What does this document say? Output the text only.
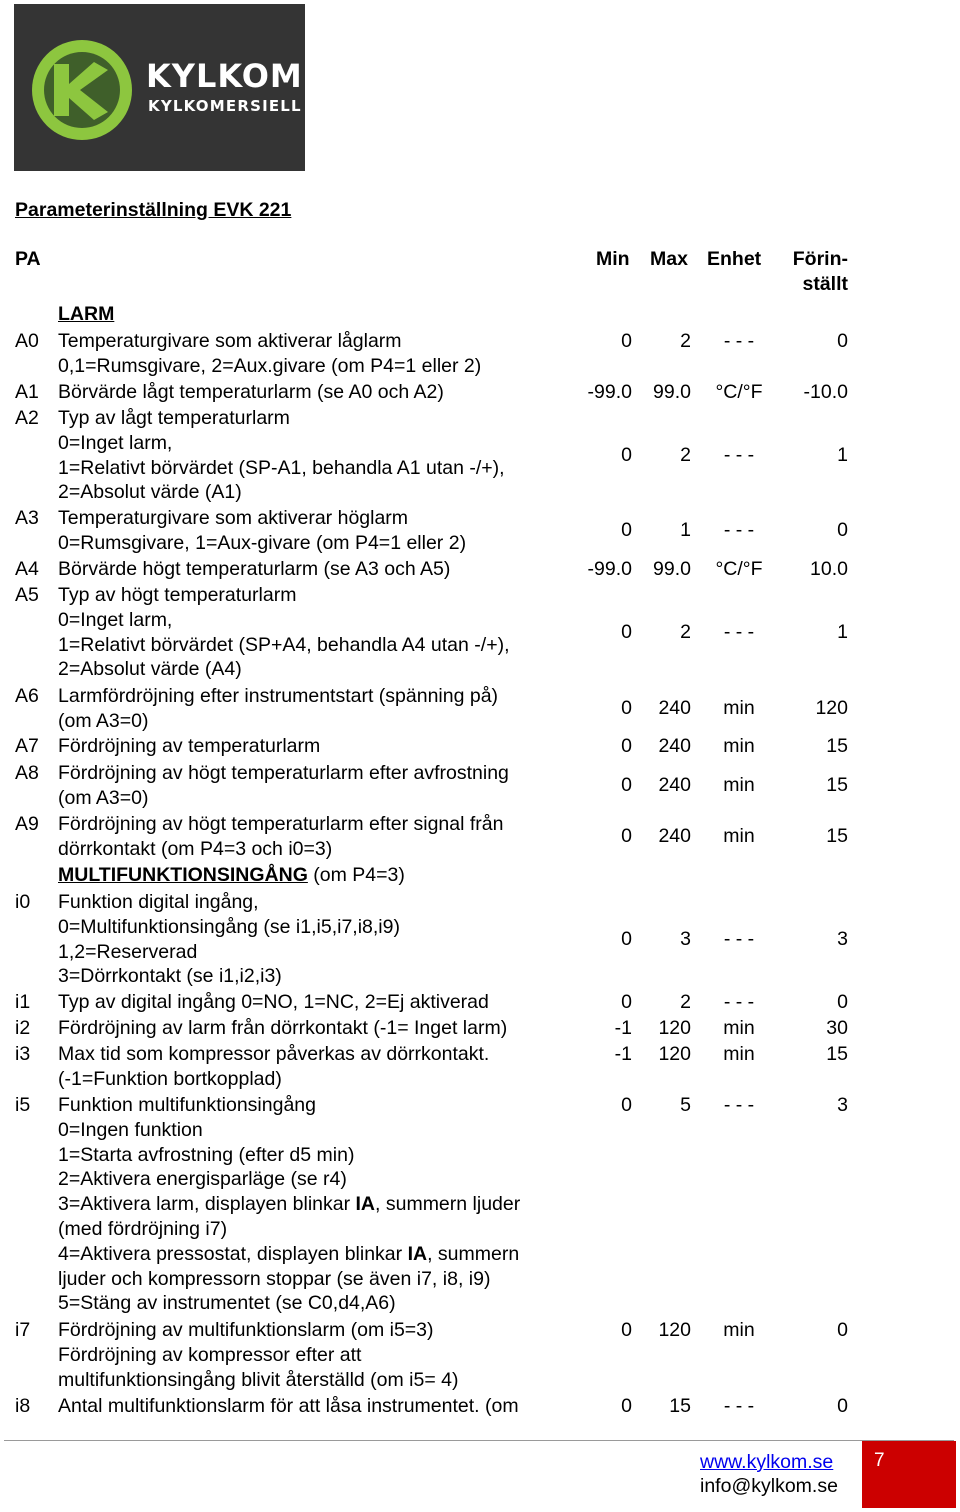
KYLKOM
KYLKOMERSIELL
Parameterinställning EVK 221
PA	Min Max Enhet	Förin-
ställt
LARM
A0 Temperaturgivare som aktiverar låglarm
0,1=Rumsgivare, 2=Aux.givare (om P4=1 eller 2)
0	2	- - -	0
A1 Börvärde lågt temperaturlarm (se A0 och A2)	-99.0	99.0	°C/°F	-10.0
A2 Typ av lågt temperaturlarm
0=Inget larm,
1=Relativt börvärdet (SP-A1, behandla A1 utan -/+),
2=Absolut värde (A1)
0	2	- - -	1
A3 Temperaturgivare som aktiverar höglarm
0=Rumsgivare, 1=Aux-givare (om P4=1 eller 2)
0	1	- - -	0
A4 Börvärde högt temperaturlarm (se A3 och A5)	-99.0	99.0	°C/°F	10.0
A5 Typ av högt temperaturlarm
0=Inget larm,
1=Relativt börvärdet (SP+A4, behandla A4 utan -/+),
2=Absolut värde (A4)
0	2	- - -	1
A6 Larmfördröjning efter instrumentstart (spänning på)
(om A3=0)
0	240	min	120
A7 Fördröjning av temperaturlarm	0	240	min	15
A8 Fördröjning av högt temperaturlarm efter avfrostning
(om A3=0)
0	240	min	15
A9 Fördröjning av högt temperaturlarm efter signal från
dörrkontakt (om P4=3 och i0=3)
0	240	min	15
i0 Funktion digital ingång,
0=Multifunktionsingång (se i1,i5,i7,i8,i9)
1,2=Reserverad
3=Dörrkontakt (se i1,i2,i3)
0	3	- - -	3
i1 Typ av digital ingång 0=NO, 1=NC, 2=Ej aktiverad	0	2	- - -	0
i2 Fördröjning av larm från dörrkontakt (-1= Inget larm)	-1	120	min	30
i3 Max tid som kompressor påverkas av dörrkontakt.
(-1=Funktion bortkopplad)
-1	120	min	15
i5 Funktion multifunktionsingång
0=Ingen funktion
1=Starta avfrostning (efter d5 min)
2=Aktivera energisparläge (se r4)
3=Aktivera larm, displayen blinkar IA, summern ljuder
(med fördröjning i7)
4=Aktivera pressostat, displayen blinkar IA, summern
ljuder och kompressorn stoppar (se även i7, i8, i9)
5=Stäng av instrumentet (se C0,d4,A6)
0	5	- - -	3
i7 Fördröjning av multifunktionslarm (om i5=3)
Fördröjning av kompressor efter att
multifunktionsingång blivit återställd (om i5= 4)
0	120	min	0
i8 Antal multifunktionslarm för att låsa instrumentet. (om	0	15	- - -	0
MULTIFUNKTIONSINGÅNG (om P4=3)
www.kylkom.se
info@kylkom.se
7
